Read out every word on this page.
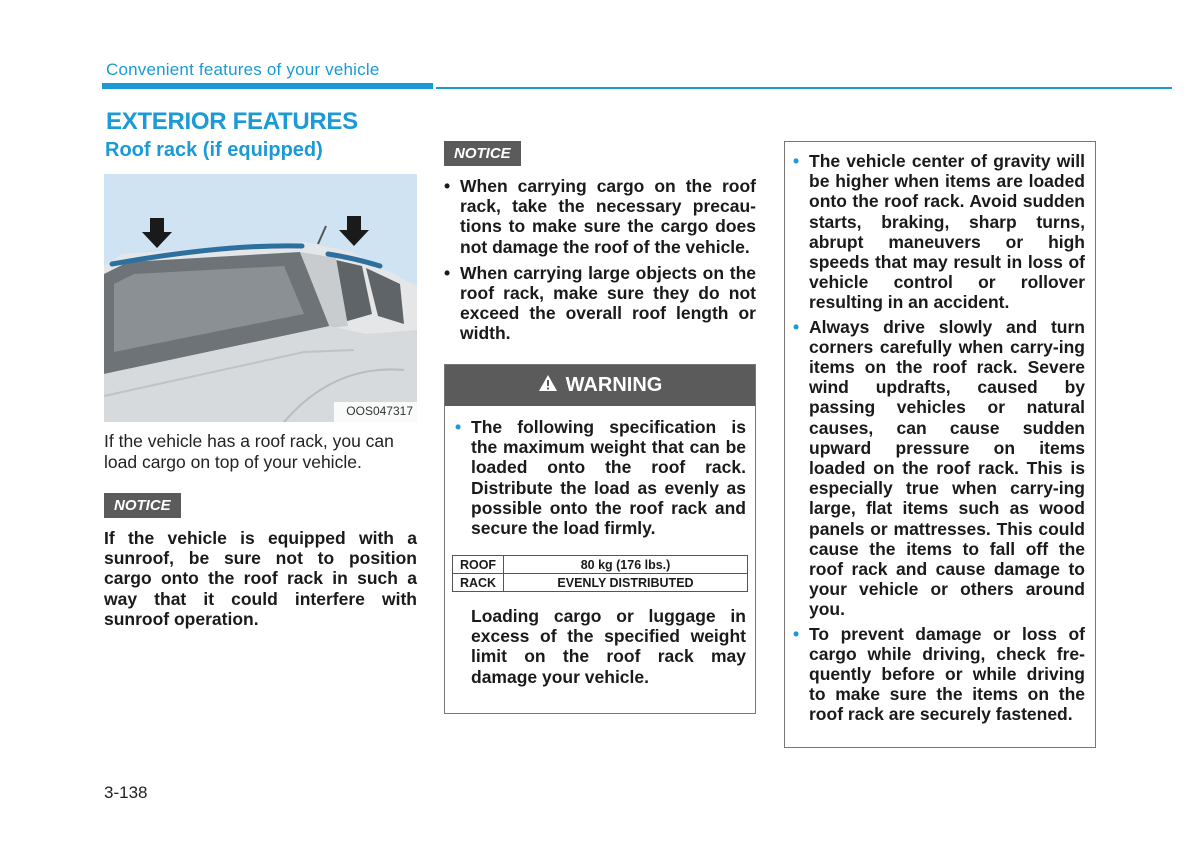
Convenient features of your vehicle
EXTERIOR FEATURES
Roof rack (if equipped)
OOS047317
If the vehicle has a roof rack, you can load cargo on top of your vehicle.
NOTICE
If the vehicle is equipped with a sunroof, be sure not to position cargo onto the roof rack in such a way that it could interfere with sunroof operation.
NOTICE
• When carrying cargo on the roof rack, take the necessary precau-tions to make sure the cargo does not damage the roof of the vehicle.
• When carrying large objects on the roof rack, make sure they do not exceed the overall roof length or width.
WARNING
• The following specification is the maximum weight that can be loaded onto the roof rack. Distribute the load as evenly as possible onto the roof rack and secure the load firmly.
ROOF	80 kg (176 lbs.)
RACK	EVENLY DISTRIBUTED
Loading cargo or luggage in excess of the specified weight limit on the roof rack may damage your vehicle.
• The vehicle center of gravity will be higher when items are loaded onto the roof rack. Avoid sudden starts, braking, sharp turns, abrupt maneuvers or high speeds that may result in loss of vehicle control or rollover resulting in an accident.
• Always drive slowly and turn corners carefully when carry-ing items on the roof rack. Severe wind updrafts, caused by passing vehicles or natural causes, can cause sudden upward pressure on items loaded on the roof rack. This is especially true when carry-ing large, flat items such as wood panels or mattresses. This could cause the items to fall off the roof rack and cause damage to your vehicle or others around you.
• To prevent damage or loss of cargo while driving, check fre-quently before or while driving to make sure the items on the roof rack are securely fastened.
3-138
